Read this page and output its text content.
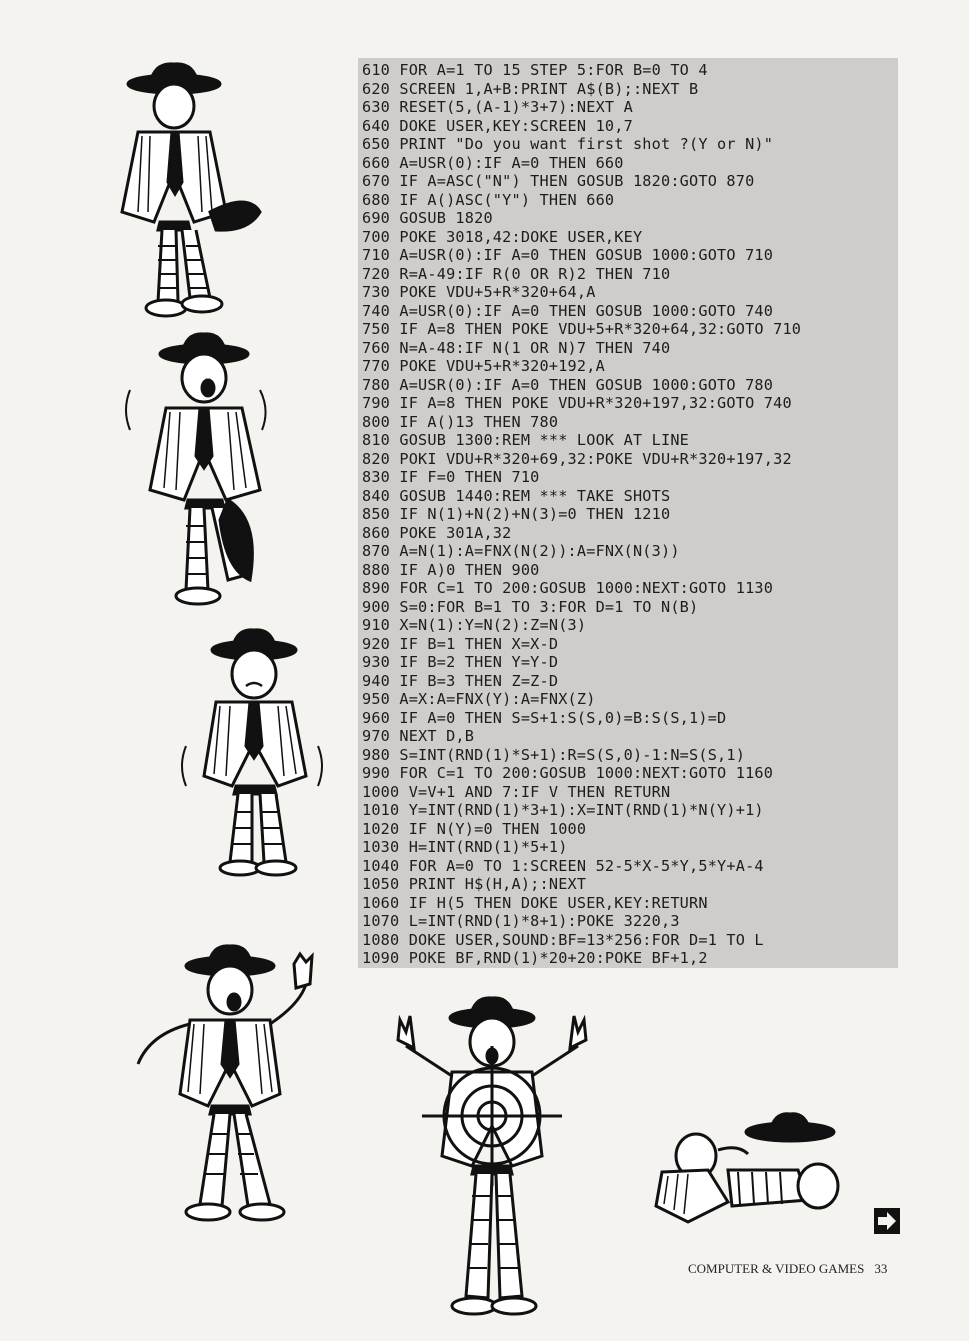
610 FOR A=1 TO 15 STEP 5:FOR B=0 TO 4
620 SCREEN 1,A+B:PRINT A$(B);:NEXT B
630 RESET(5,(A-1)*3+7):NEXT A
640 DOKE USER,KEY:SCREEN 10,7
650 PRINT "Do you want first shot ?(Y or N)"
660 A=USR(0):IF A=0 THEN 660
670 IF A=ASC("N") THEN GOSUB 1820:GOTO 870
680 IF A()ASC("Y") THEN 660
690 GOSUB 1820
700 POKE 3018,42:DOKE USER,KEY
710 A=USR(0):IF A=0 THEN GOSUB 1000:GOTO 710
720 R=A-49:IF R(0 OR R)2 THEN 710
730 POKE VDU+5+R*320+64,A
740 A=USR(0):IF A=0 THEN GOSUB 1000:GOTO 740
750 IF A=8 THEN POKE VDU+5+R*320+64,32:GOTO 710
760 N=A-48:IF N(1 OR N)7 THEN 740
770 POKE VDU+5+R*320+192,A
780 A=USR(0):IF A=0 THEN GOSUB 1000:GOTO 780
790 IF A=8 THEN POKE VDU+R*320+197,32:GOTO 740
800 IF A()13 THEN 780
810 GOSUB 1300:REM *** LOOK AT LINE
820 POKI VDU+R*320+69,32:POKE VDU+R*320+197,32
830 IF F=0 THEN 710
840 GOSUB 1440:REM *** TAKE SHOTS
850 IF N(1)+N(2)+N(3)=0 THEN 1210
860 POKE 301A,32
870 A=N(1):A=FNX(N(2)):A=FNX(N(3))
880 IF A)0 THEN 900
890 FOR C=1 TO 200:GOSUB 1000:NEXT:GOTO 1130
900 S=0:FOR B=1 TO 3:FOR D=1 TO N(B)
910 X=N(1):Y=N(2):Z=N(3)
920 IF B=1 THEN X=X-D
930 IF B=2 THEN Y=Y-D
940 IF B=3 THEN Z=Z-D
950 A=X:A=FNX(Y):A=FNX(Z)
960 IF A=0 THEN S=S+1:S(S,0)=B:S(S,1)=D
970 NEXT D,B
980 S=INT(RND(1)*S+1):R=S(S,0)-1:N=S(S,1)
990 FOR C=1 TO 200:GOSUB 1000:NEXT:GOTO 1160
1000 V=V+1 AND 7:IF V THEN RETURN
1010 Y=INT(RND(1)*3+1):X=INT(RND(1)*N(Y)+1)
1020 IF N(Y)=0 THEN 1000
1030 H=INT(RND(1)*5+1)
1040 FOR A=0 TO 1:SCREEN 52-5*X-5*Y,5*Y+A-4
1050 PRINT H$(H,A);:NEXT
1060 IF H(5 THEN DOKE USER,KEY:RETURN
1070 L=INT(RND(1)*8+1):POKE 3220,3
1080 DOKE USER,SOUND:BF=13*256:FOR D=1 TO L
1090 POKE BF,RND(1)*20+20:POKE BF+1,2
COMPUTER & VIDEO GAMES 33
